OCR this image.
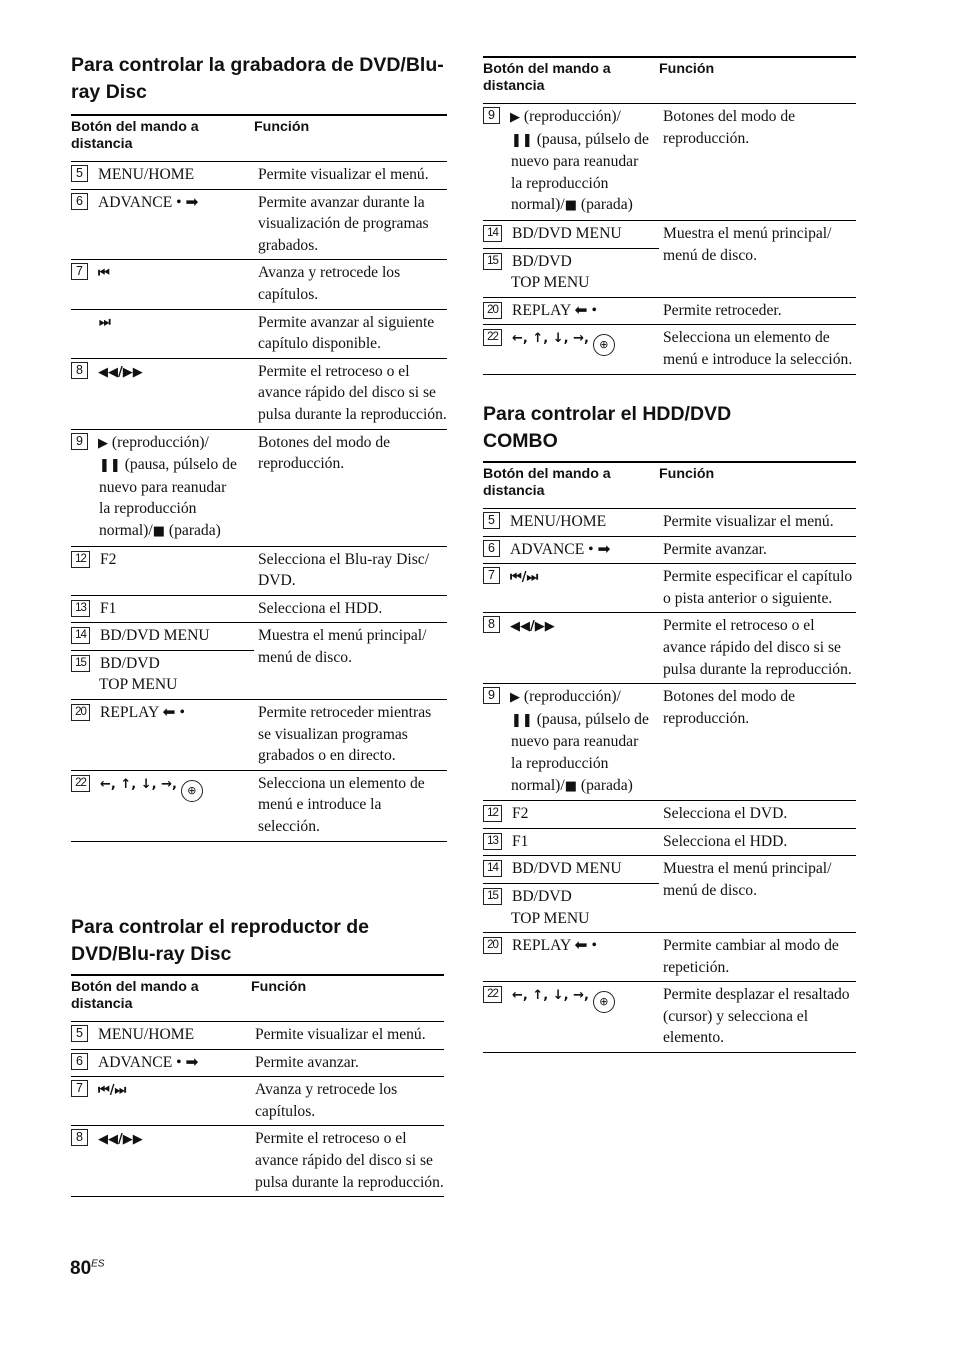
Para controlar la grabadora de DVD/Blu-ray Disc
Botón del mando a distancia	Función
5 MENU/HOME	Permite visualizar el menú.
6 ADVANCE • ➡	Permite avanzar durante la visualización de programas grabados.
7 ⏮	Avanza y retrocede los capítulos.

⏭	Permite avanzar al siguiente capítulo disponible.
8 ◀◀/▶▶	Permite el retroceso o el avance rápido del disco si se pulsa durante la reproducción.

9 ▶ (reproducción)/
❚❚ (pausa, púlselo de
nuevo para reanudar
la reproducción
normal)/■ (parada)	Botones del modo de reproducción.
12 F2	Selecciona el Blu-ray Disc/ DVD.
13 F1	Selecciona el HDD.
14 BD/DVD MENU	Muestra el menú principal/ menú de disco.

15 BD/DVD
TOP MENU	

20 REPLAY ⬅ •	Permite retroceder mientras se visualizan programas grabados o en directo.
22 ←, ↑, ↓, →, ⊕	Selecciona un elemento de menú e introduce la selección.
Para controlar el reproductor de DVD/Blu-ray Disc
Botón del mando a distancia	Función
5 MENU/HOME	Permite visualizar el menú.
6 ADVANCE • ➡	Permite avanzar.
7 ⏮/⏭	Avanza y retrocede los capítulos.
8 ◀◀/▶▶	Permite el retroceso o el avance rápido del disco si se pulsa durante la reproducción.
Botón del mando a distancia	Función

9 ▶ (reproducción)/
❚❚ (pausa, púlselo de
nuevo para reanudar
la reproducción
normal)/■ (parada)	Botones del modo de reproducción.
14 BD/DVD MENU	Muestra el menú principal/ menú de disco.

15 BD/DVD
TOP MENU	

20 REPLAY ⬅ •	Permite retroceder.
22 ←, ↑, ↓, →, ⊕	Selecciona un elemento de menú e introduce la selección.
Para controlar el HDD/DVD COMBO
Botón del mando a distancia	Función
5 MENU/HOME	Permite visualizar el menú.
6 ADVANCE • ➡	Permite avanzar.
7 ⏮/⏭	Permite especificar el capítulo o pista anterior o siguiente.
8 ◀◀/▶▶	Permite el retroceso o el avance rápido del disco si se pulsa durante la reproducción.

9 ▶ (reproducción)/
❚❚ (pausa, púlselo de
nuevo para reanudar
la reproducción
normal)/■ (parada)	Botones del modo de reproducción.
12 F2	Selecciona el DVD.
13 F1	Selecciona el HDD.
14 BD/DVD MENU	Muestra el menú principal/ menú de disco.

15 BD/DVD
TOP MENU	

20 REPLAY ⬅ •	Permite cambiar al modo de repetición.
22 ←, ↑, ↓, →, ⊕	Permite desplazar el resaltado (cursor) y selecciona el elemento.
$80^{ES}$
